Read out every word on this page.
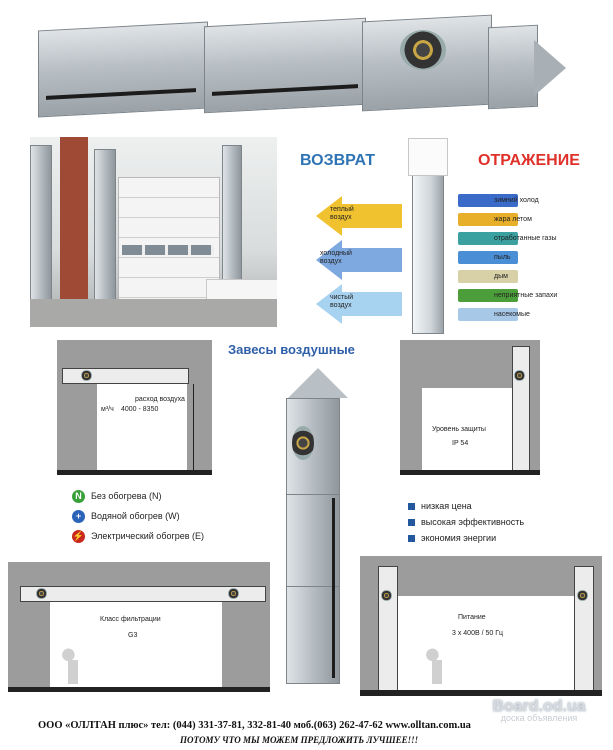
ВОЗВРАТ	ОТРАЖЕНИЕ
теплый воздух
холодный воздух
чистый воздух
зимний холод
жара летом
отработанные газы
пыль
дым
неприятные запахи
насекомые
Завесы воздушные
расход воздуха
м³/ч 4000 - 8350
Уровень защиты
IP 54
N	Без обогрева (N)
+	Водяной обогрев (W)
⚡ Электрический обогрев (Е)
низкая цена
высокая эффективность
экономия энергии
Класс фильтрации
G3
Питание
3 x 400В / 50 Гц
Board.od.ua
доска объявления
ООО «ОЛЛТАН плюс» тел: (044) 331-37-81, 332-81-40 моб.(063) 262-47-62 www.olltan.com.ua
ПОТОМУ ЧТО МЫ МОЖЕМ ПРЕДЛОЖИТЬ ЛУЧШЕЕ!!!
